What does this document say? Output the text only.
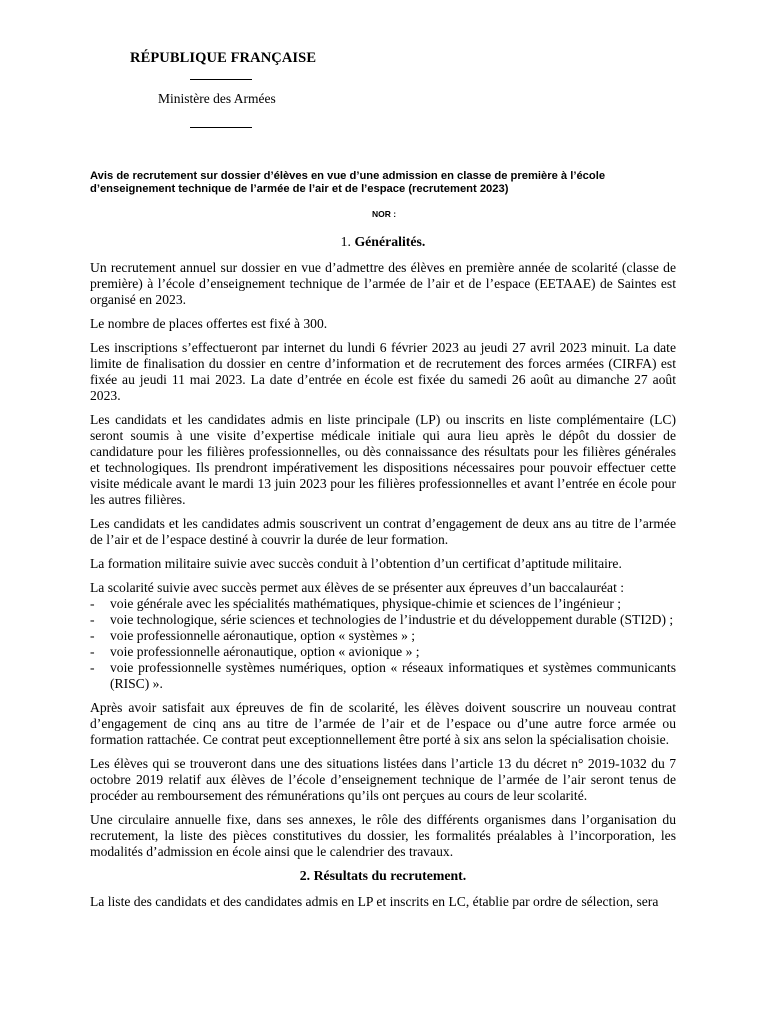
RÉPUBLIQUE FRANÇAISE
Ministère des Armées
Avis de recrutement sur dossier d’élèves en vue d’une admission en classe de première à l’école d’enseignement technique de l’armée de l’air et de l’espace (recrutement 2023)
NOR :
1. Généralités.

Un recrutement annuel sur dossier en vue d’admettre des élèves en première année de scolarité (classe de première) à l’école d’enseignement technique de l’armée de l’air et de l’espace (EETAAE) de Saintes est organisé en 2023.

Le nombre de places offertes est fixé à 300.

Les inscriptions s’effectueront par internet du lundi 6 février 2023 au jeudi 27 avril 2023 minuit. La date limite de finalisation du dossier en centre d’information et de recrutement des forces armées (CIRFA) est fixée au jeudi 11 mai 2023. La date d’entrée en école est fixée du samedi 26 août au dimanche 27 août 2023.

Les candidats et les candidates admis en liste principale (LP) ou inscrits en liste complémentaire (LC) seront soumis à une visite d’expertise médicale initiale qui aura lieu après le dépôt du dossier de candidature pour les filières professionnelles, ou dès connaissance des résultats pour les filières générales et technologiques. Ils prendront impérativement les dispositions nécessaires pour pouvoir effectuer cette visite médicale avant le mardi 13 juin 2023 pour les filières professionnelles et avant l’entrée en école pour les autres filières.

Les candidats et les candidates admis souscrivent un contrat d’engagement de deux ans au titre de l’armée de l’air et de l’espace destiné à couvrir la durée de leur formation.

La formation militaire suivie avec succès conduit à l’obtention d’un certificat d’aptitude militaire.

La scolarité suivie avec succès permet aux élèves de se présenter aux épreuves d’un baccalauréat :

- voie générale avec les spécialités mathématiques, physique-chimie et sciences de l’ingénieur ;
- voie technologique, série sciences et technologies de l’industrie et du développement durable (STI2D) ;
- voie professionnelle aéronautique, option « systèmes » ;
- voie professionnelle aéronautique, option « avionique » ;
- voie professionnelle systèmes numériques, option « réseaux informatiques et systèmes communicants (RISC) ».

Après avoir satisfait aux épreuves de fin de scolarité, les élèves doivent souscrire un nouveau contrat d’engagement de cinq ans au titre de l’armée de l’air et de l’espace ou d’une autre force armée ou formation rattachée. Ce contrat peut exceptionnellement être porté à six ans selon la spécialisation choisie.

Les élèves qui se trouveront dans une des situations listées dans l’article 13 du décret n° 2019-1032 du 7 octobre 2019 relatif aux élèves de l’école d’enseignement technique de l’armée de l’air seront tenus de procéder au remboursement des rémunérations qu’ils ont perçues au cours de leur scolarité.

Une circulaire annuelle fixe, dans ses annexes, le rôle des différents organismes dans l’organisation du recrutement, la liste des pièces constitutives du dossier, les formalités préalables à l’incorporation, les modalités d’admission en école ainsi que le calendrier des travaux.

2. Résultats du recrutement.

La liste des candidats et des candidates admis en LP et inscrits en LC, établie par ordre de sélection, sera
